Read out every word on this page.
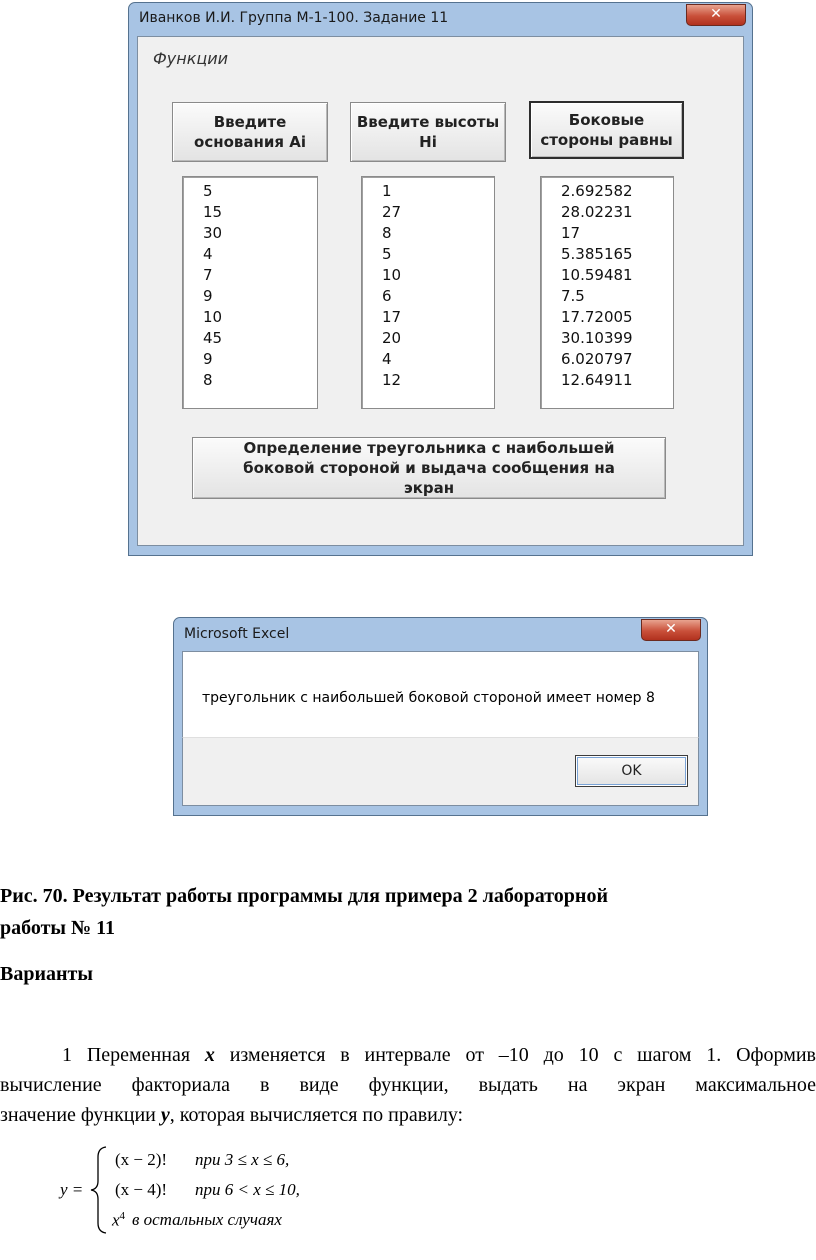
Иванков И.И. Группа М-1-100. Задание 11	✕
Функции
Введите основания Ai
Введите высоты Hi
Боковые стороны равны
5
15
30
4
7
9
10
45
9
8
1
27
8
5
10
6
17
20
4
12
2.692582
28.02231
17
5.385165
10.59481
7.5
17.72005
30.10399
6.020797
12.64911
Определение треугольника с наибольшей боковой стороной и выдача сообщения на экран
Microsoft Excel	✕
треугольник с наибольшей боковой стороной имеет номер 8
OK
Рис. 70. Результат работы программы для примера 2 лабораторной
работы № 11
Варианты
1 Переменная x изменяется в интервале от –10 до 10 с шагом 1. Оформив
вычисление факториала в виде функции, выдать на экран максимальное
значение функции y, которая вычисляется по правилу:
y =
(x − 2)! при 3 ≤ x ≤ 6,
(x − 4)! при 6 < x ≤ 10,
$x^4$ в остальных случаях
